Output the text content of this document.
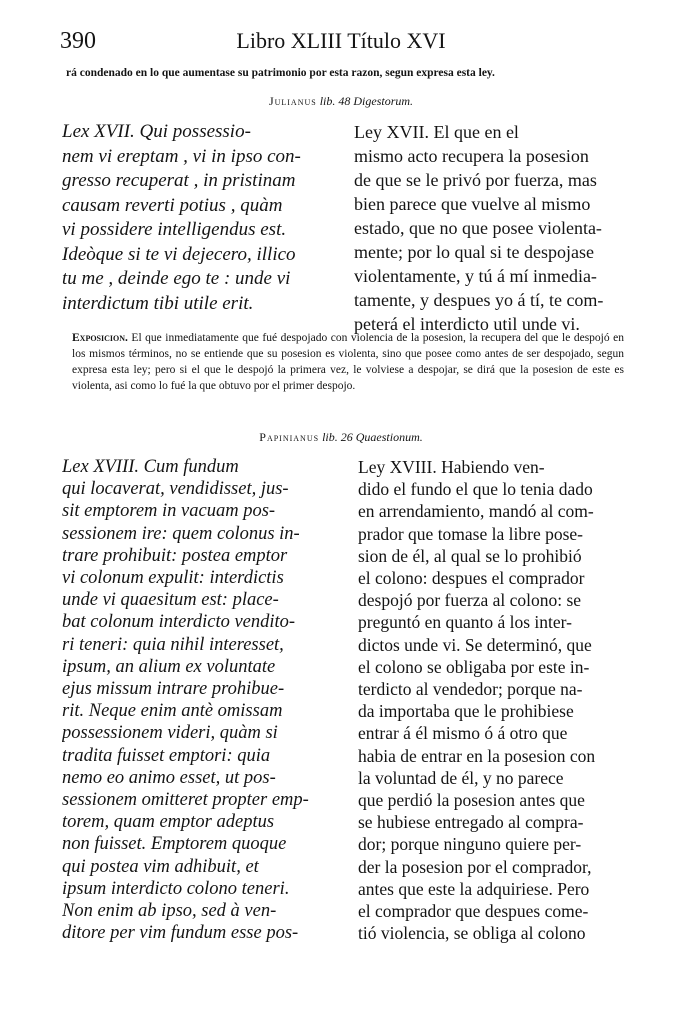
390	Libro XLIII Título XVI
rá condenado en lo que aumentase su patrimonio por esta razon, segun expresa esta ley.
Julianus lib. 48 Digestorum.
Lex XVII. Qui possessio-
nem vi ereptam , vi in ipso con-
gresso recuperat , in pristinam
causam reverti potius , quàm
vi possidere intelligendus est.
Ideòque si te vi dejecero, illico
tu me , deinde ego te : unde vi
interdictum tibi utile erit.
Ley XVII. El que en el
mismo acto recupera la posesion
de que se le privó por fuerza, mas
bien parece que vuelve al mismo
estado, que no que posee violenta-
mente; por lo qual si te despojase
violentamente, y tú á mí inmedia-
tamente, y despues yo á tí, te com-
peterá el interdicto util unde vi.
Exposicion. El que inmediatamente que fué despojado con violencia de la posesion, la recupera del que le despojó en los mismos términos, no se entiende que su posesion es violenta, sino que posee como antes de ser despojado, segun expresa esta ley; pero si el que le despojó la primera vez, le volviese a despojar, se dirá que la posesion de este es violenta, asi como lo fué la que obtuvo por el primer despojo.
Papinianus lib. 26 Quaestionum.
Lex XVIII. Cum fundum
qui locaverat, vendidisset, jus-
sit emptorem in vacuam pos-
sessionem ire: quem colonus in-
trare prohibuit: postea emptor
vi colonum expulit: interdictis
unde vi quaesitum est: place-
bat colonum interdicto vendito-
ri teneri: quia nihil interesset,
ipsum, an alium ex voluntate
ejus missum intrare prohibue-
rit. Neque enim antè omissam
possessionem videri, quàm si
tradita fuisset emptori: quia
nemo eo animo esset, ut pos-
sessionem omitteret propter emp-
torem, quam emptor adeptus
non fuisset. Emptorem quoque
qui postea vim adhibuit, et
ipsum interdicto colono teneri.
Non enim ab ipso, sed à ven-
ditore per vim fundum esse pos-
Ley XVIII. Habiendo ven-
dido el fundo el que lo tenia dado
en arrendamiento, mandó al com-
prador que tomase la libre pose-
sion de él, al qual se lo prohibió
el colono: despues el comprador
despojó por fuerza al colono: se
preguntó en quanto á los inter-
dictos unde vi. Se determinó, que
el colono se obligaba por este in-
terdicto al vendedor; porque na-
da importaba que le prohibiese
entrar á él mismo ó á otro que
habia de entrar en la posesion con
la voluntad de él, y no parece
que perdió la posesion antes que
se hubiese entregado al compra-
dor; porque ninguno quiere per-
der la posesion por el comprador,
antes que este la adquiriese. Pero
el comprador que despues come-
tió violencia, se obliga al colono
